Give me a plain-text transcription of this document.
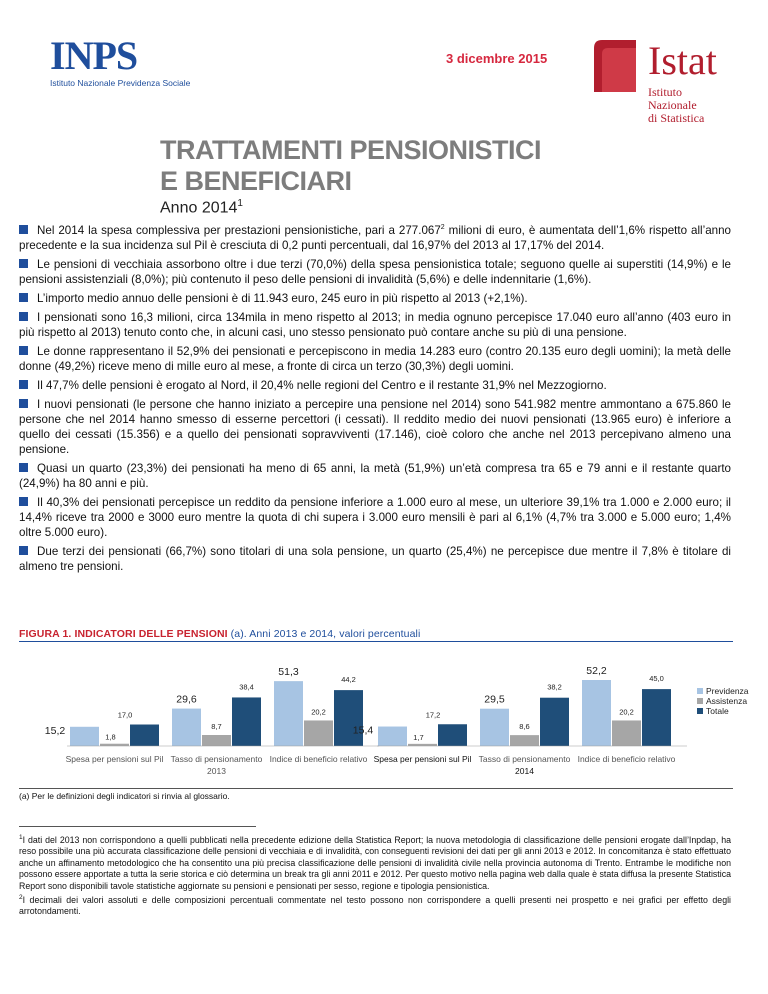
INPS
Istituto Nazionale Previdenza Sociale
3 dicembre 2015	Istat
Istituto Nazionale
di Statistica
TRATTAMENTI PENSIONISTICI
E BENEFICIARI
Anno 2014$^1$
Nel 2014 la spesa complessiva per prestazioni pensionistiche, pari a 277.067$^2$ milioni di euro, è aumentata dell’1,6% rispetto all’anno precedente e la sua incidenza sul Pil è cresciuta di 0,2 punti percentuali, dal 16,97% del 2013 al 17,17% del 2014.
Le pensioni di vecchiaia assorbono oltre i due terzi (70,0%) della spesa pensionistica totale; seguono quelle ai superstiti (14,9%) e le pensioni assistenziali (8,0%); più contenuto il peso delle pensioni di invalidità (5,6%) e delle indennitarie (1,6%).
L’importo medio annuo delle pensioni è di 11.943 euro, 245 euro in più rispetto al 2013 (+2,1%).
I pensionati sono 16,3 milioni, circa 134mila in meno rispetto al 2013; in media ognuno percepisce 17.040 euro all’anno (403 euro in più rispetto al 2013) tenuto conto che, in alcuni casi, uno stesso pensionato può contare anche su più di una pensione.
Le donne rappresentano il 52,9% dei pensionati e percepiscono in media 14.283 euro (contro 20.135 euro degli uomini); la metà delle donne (49,2%) riceve meno di mille euro al mese, a fronte di circa un terzo (30,3%) degli uomini.
Il 47,7% delle pensioni è erogato al Nord, il 20,4% nelle regioni del Centro e il restante 31,9% nel Mezzogiorno.
I nuovi pensionati (le persone che hanno iniziato a percepire una pensione nel 2014) sono 541.982 mentre ammontano a 675.860 le persone che nel 2014 hanno smesso di esserne percettori (i cessati). Il reddito medio dei nuovi pensionati (13.965 euro) è inferiore a quello dei cessati (15.356) e a quello dei pensionati sopravviventi (17.146), cioè coloro che anche nel 2013 percepivano almeno una pensione.
Quasi un quarto (23,3%) dei pensionati ha meno di 65 anni, la metà (51,9%) un’età compresa tra 65 e 79 anni e il restante quarto (24,9%) ha 80 anni e più.
Il 40,3% dei pensionati percepisce un reddito da pensione inferiore a 1.000 euro al mese, un ulteriore 39,1% tra 1.000 e 2.000 euro; il 14,4% riceve tra 2000 e 3000 euro mentre la quota di chi supera i 3.000 euro mensili è pari al 6,1% (4,7% tra 3.000 e 5.000 euro; 1,4% oltre 5.000 euro).
Due terzi dei pensionati (66,7%) sono titolari di una sola pensione, un quarto (25,4%) ne percepisce due mentre il 7,8% è titolare di almeno tre pensioni.
FIGURA 1. INDICATORI DELLE PENSIONI (a). Anni 2013 e 2014, valori percentuali
15,2
1,8
17,0
Spesa per pensioni sul Pil
29,6
8,7
38,4
Tasso di pensionamento
51,3
20,2
44,2
Indice di beneficio relativo
2013
15,4
1,7
17,2
Spesa per pensioni sul Pil
29,5
8,6
38,2
Tasso di pensionamento
52,2
20,2
45,0
Indice di beneficio relativo
2014
Previdenza
Assistenza
Totale
(a) Per le definizioni degli indicatori si rinvia al glossario.
$^1$I dati del 2013 non corrispondono a quelli pubblicati nella precedente edizione della Statistica Report; la nuova metodologia di classificazione delle pensioni erogate dall’Inpdap, ha reso possibile una più accurata classificazione delle pensioni di vecchiaia e di invalidità, con conseguenti revisioni dei dati per gli anni 2013 e 2012. In concomitanza è stato effettuato anche un affinamento metodologico che ha consentito una più precisa classificazione delle pensioni di invalidità civile nella provincia autonoma di Trento. Entrambe le modifiche non possono essere apportate a tutta la serie storica e ciò determina un break tra gli anni 2011 e 2012. Per questo motivo nella pagina web dalla quale è stata diffusa la presente Statistica Report sono disponibili tavole statistiche aggiornate su pensioni e pensionati per sesso, regione e tipologia pensionistica.
$^2$I decimali dei valori assoluti e delle composizioni percentuali commentate nel testo possono non corrispondere a quelli presenti nei prospetto e nei grafici per effetto degli arrotondamenti.
